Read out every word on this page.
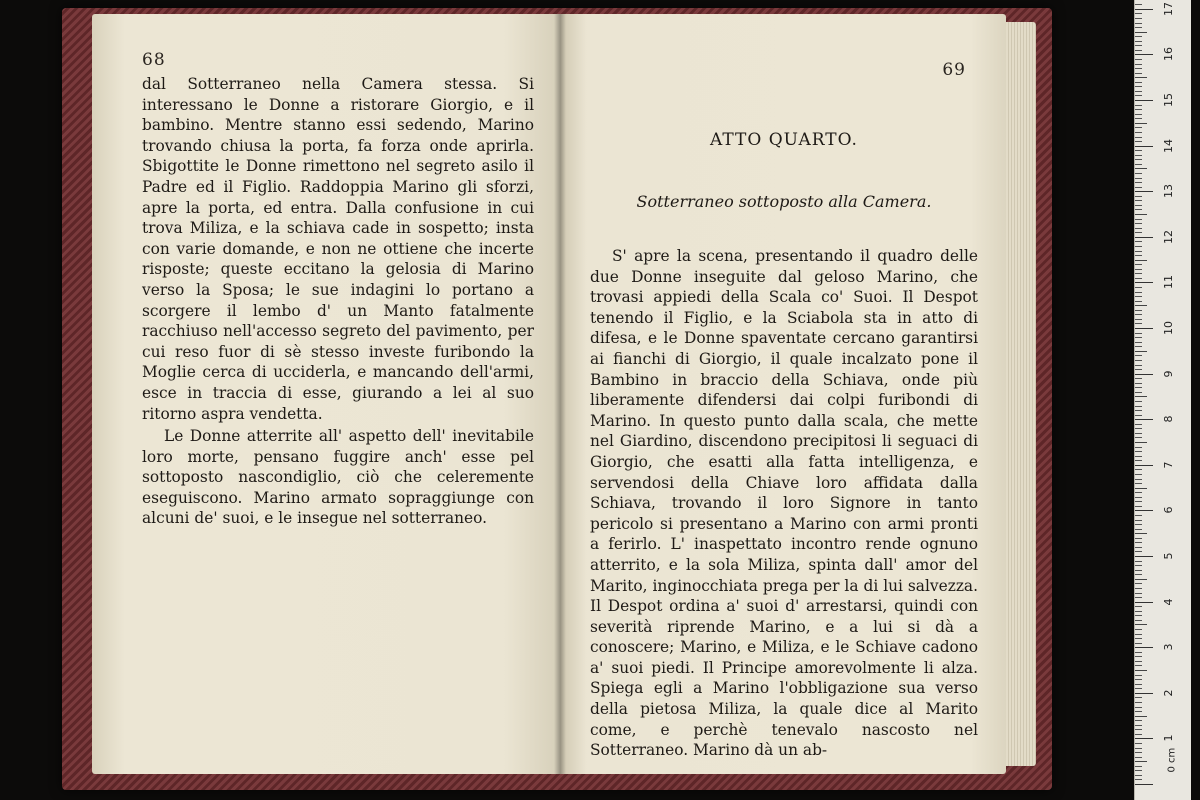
68

dal Sotterraneo nella Camera stessa. Si interessano le Donne a ristorare Giorgio, e il bambino. Mentre stanno essi sedendo, Marino trovando chiusa la porta, fa forza onde aprirla. Sbigottite le Donne rimettono nel segreto asilo il Padre ed il Figlio. Raddoppia Marino gli sforzi, apre la porta, ed entra. Dalla confusione in cui trova Miliza, e la schiava cade in sospetto; insta con varie domande, e non ne ottiene che incerte risposte; queste eccitano la gelosia di Marino verso la Sposa; le sue indagini lo portano a scorgere il lembo d' un Manto fatalmente racchiuso nell'accesso segreto del pavimento, per cui reso fuor di sè stesso investe furibondo la Moglie cerca di ucciderla, e mancando dell'armi, esce in traccia di esse, giurando a lei al suo ritorno aspra vendetta.

Le Donne atterrite all' aspetto dell' inevitabile loro morte, pensano fuggire anch' esse pel sottoposto nascondiglio, ciò che celeremente eseguiscono. Marino armato sopraggiunge con alcuni de' suoi, e le insegue nel sotterraneo.

69
ATTO QUARTO.
Sotterraneo sottoposto alla Camera.

S' apre la scena, presentando il quadro delle due Donne inseguite dal geloso Marino, che trovasi appiedi della Scala co' Suoi. Il Despot tenendo il Figlio, e la Sciabola sta in atto di difesa, e le Donne spaventate cercano garantirsi ai fianchi di Giorgio, il quale incalzato pone il Bambino in braccio della Schiava, onde più liberamente difendersi dai colpi furibondi di Marino. In questo punto dalla scala, che mette nel Giardino, discendono precipitosi li seguaci di Giorgio, che esatti alla fatta intelligenza, e servendosi della Chiave loro affidata dalla Schiava, trovando il loro Signore in tanto pericolo si presentano a Marino con armi pronti a ferirlo. L' inaspettato incontro rende ognuno atterrito, e la sola Miliza, spinta dall' amor del Marito, inginocchiata prega per la di lui salvezza. Il Despot ordina a' suoi d' arrestarsi, quindi con severità riprende Marino, e a lui si dà a conoscere; Marino, e Miliza, e le Schiave cadono a' suoi piedi. Il Principe amorevolmente li alza. Spiega egli a Marino l'obbligazione sua verso della pietosa Miliza, la quale dice al Marito come, e perchè tenevalo nascosto nel Sotterraneo. Marino dà un ab-

1
2
3
4
5
6
7
8
9
10
11
12
13
14
15
16
17
0 cm
